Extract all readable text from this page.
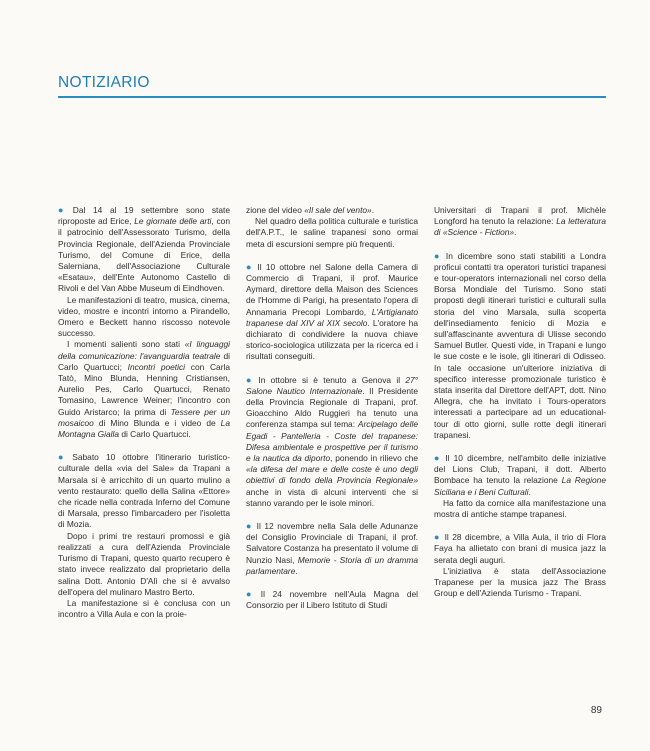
NOTIZIARIO

● Dal 14 al 19 settembre sono state riproposte ad Erice, Le giornate delle arti, con il patrocinio dell'Assessorato Turismo, della Provincia Regionale, dell'Azienda Provinciale Turismo, del Comune di Erice, della Salerniana, dell'Associazione Culturale «Esatau», dell'Ente Autonomo Castello di Rivoli e del Van Abbe Museum di Eindhoven.

Le manifestazioni di teatro, musica, cinema, video, mostre e incontri intorno a Pirandello, Omero e Beckett hanno riscosso notevole successo.

I momenti salienti sono stati «I linguaggi della comunicazione: l'avanguardia teatrale di Carlo Quartucci; Incontri poetici con Carla Tatò, Mino Blunda, Henning Cristiansen, Aurelio Pes, Carlo Quartucci, Renato Tomasino, Lawrence Weiner; l'incontro con Guido Aristarco; la prima di Tessere per un mosaicoo di Mino Blunda e i video de La Montagna Gialla di Carlo Quartucci.

● Sabato 10 ottobre l'itinerario turistico-culturale della «via del Sale» da Trapani a Marsala si è arricchito di un quarto mulino a vento restaurato: quello della Salina «Ettore» che ricade nella contrada Inferno del Comune di Marsala, presso l'imbarcadero per l'isoletta di Mozia.

Dopo i primi tre restauri promossi e già realizzati a cura dell'Azienda Provinciale Turismo di Trapani, questo quarto recupero è stato invece realizzato dal proprietario della salina Dott. Antonio D'Alì che si è avvalso dell'opera del mulinaro Mastro Berto.

La manifestazione si è conclusa con un incontro a Villa Aula e con la proie-

zione del video «Il sale del vento».

Nel quadro della politica culturale e turistica dell'A.P.T., le saline trapanesi sono ormai meta di escursioni sempre più frequenti.

● Il 10 ottobre nel Salone della Camera di Commercio di Trapani, il prof. Maurice Aymard, direttore della Maison des Sciences de l'Homme di Parigi, ha presentato l'opera di Annamaria Precopi Lombardo, L'Artigianato trapanese dal XIV al XIX secolo. L'oratore ha dichiarato di condividere la nuova chiave storico-sociologica utilizzata per la ricerca ed i risultati conseguiti.

● In ottobre si è tenuto a Genova il 27° Salone Nautico Internazionale. Il Presidente della Provincia Regionale di Trapani, prof. Gioacchino Aldo Ruggieri ha tenuto una conferenza stampa sul tema: Arcipelago delle Egadi - Pantelleria - Coste del trapanese: Difesa ambientale e prospettive per il turismo e la nautica da diporto, ponendo in rilievo che «la difesa del mare e delle coste è uno degli obiettivi di fondo della Provincia Regionale» anche in vista di alcuni interventi che si stanno varando per le isole minori.

● Il 12 novembre nella Sala delle Adunanze del Consiglio Provinciale di Trapani, il prof. Salvatore Costanza ha presentato il volume di Nunzio Nasi, Memorie - Storia di un dramma parlamentare.

● Il 24 novembre nell'Aula Magna del Consorzio per il Libero Istituto di Studi

Universitari di Trapani il prof. Michèle Longford ha tenuto la relazione: La letteratura di «Science - Fiction».

● In dicembre sono stati stabiliti a Londra proficui contatti tra operatori turistici trapanesi e tour-operators internazionali nel corso della Borsa Mondiale del Turismo. Sono stati proposti degli itinerari turistici e culturali sulla storia del vino Marsala, sulla scoperta dell'insediamento fenicio di Mozia e sull'affascinante avventura di Ulisse secondo Samuel Butler. Questi vide, in Trapani e lungo le sue coste e le isole, gli itinerari di Odisseo. In tale occasione un'ulteriore iniziativa di specifico interesse promozionale turistico è stata inserita dal Direttore dell'APT, dott. Nino Allegra, che ha invitato i Tours-operators interessati a partecipare ad un educational-tour di otto giorni, sulle rotte degli itinerari trapanesi.

● Il 10 dicembre, nell'ambito delle iniziative del Lions Club, Trapani, il dott. Alberto Bombace ha tenuto la relazione La Regione Siciliana e i Beni Culturali.

Ha fatto da cornice alla manifestazione una mostra di antiche stampe trapanesi.

● Il 28 dicembre, a Villa Aula, il trio di Flora Faya ha allietato con brani di musica jazz la serata degli auguri.

L'iniziativa è stata dell'Associazione Trapanese per la musica jazz The Brass Group e dell'Azienda Turismo - Trapani.

89
